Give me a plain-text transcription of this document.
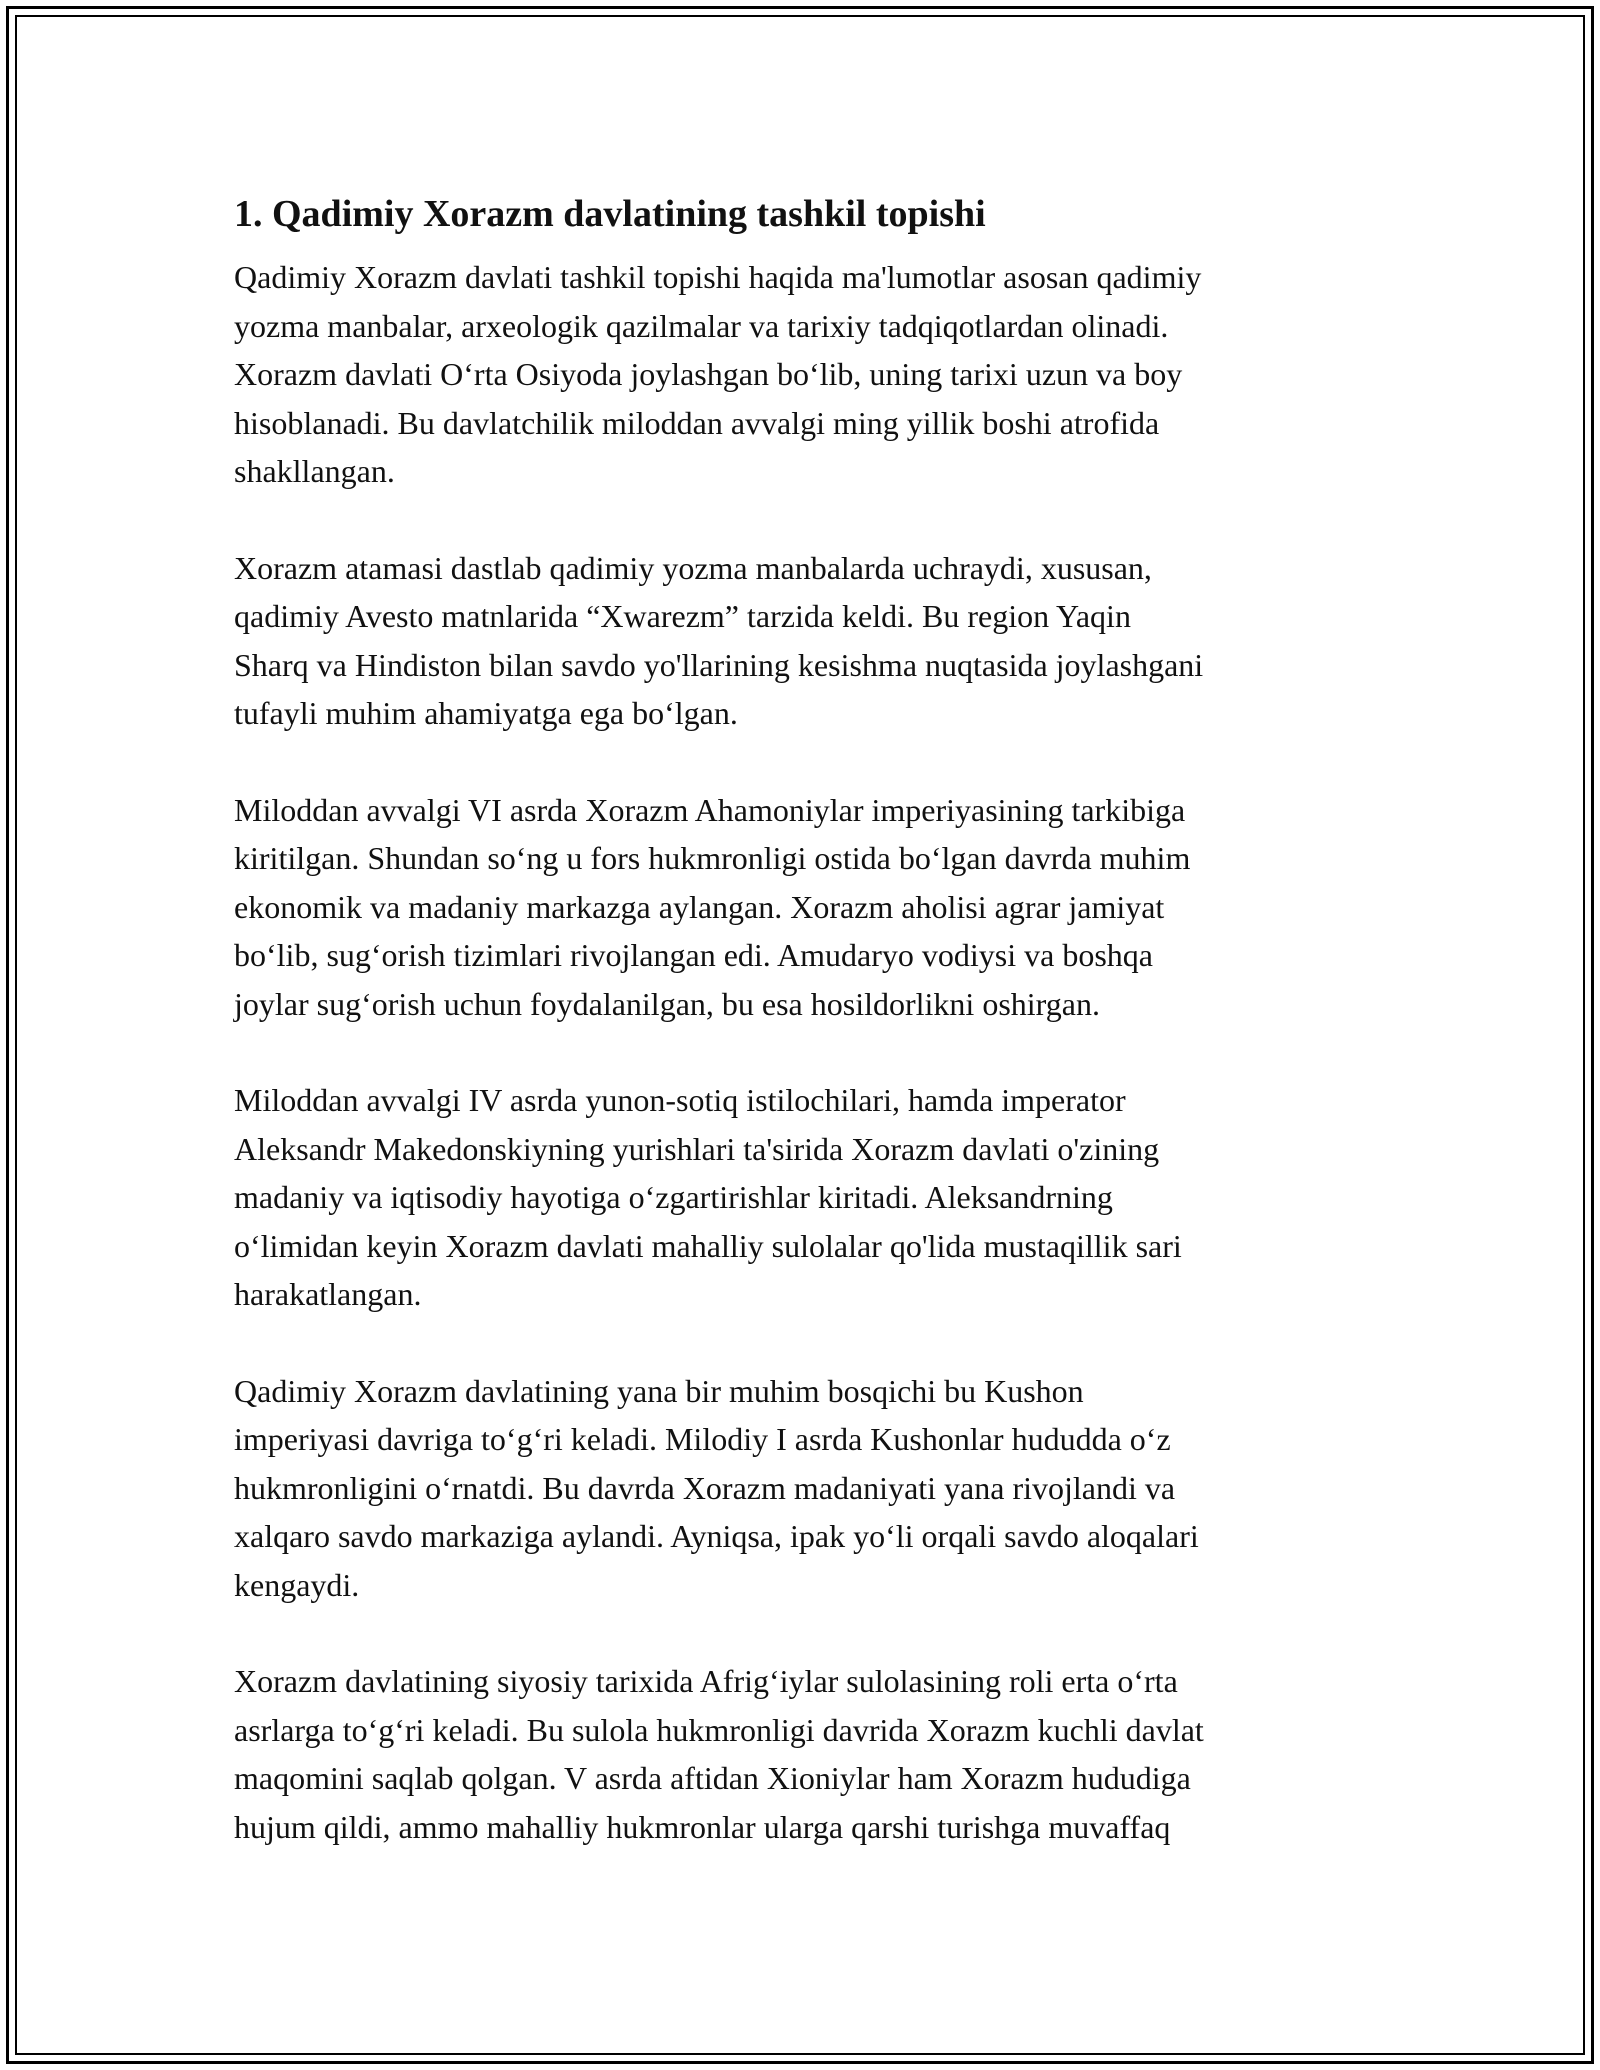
1. Qadimiy Xorazm davlatining tashkil topishi

Qadimiy Xorazm davlati tashkil topishi haqida ma'lumotlar asosan qadimiy
yozma manbalar, arxeologik qazilmalar va tarixiy tadqiqotlardan olinadi.
Xorazm davlati O‘rta Osiyoda joylashgan bo‘lib, uning tarixi uzun va boy
hisoblanadi. Bu davlatchilik miloddan avvalgi ming yillik boshi atrofida
shakllangan.

Xorazm atamasi dastlab qadimiy yozma manbalarda uchraydi, xususan,
qadimiy Avesto matnlarida “Xwarezm” tarzida keldi. Bu region Yaqin
Sharq va Hindiston bilan savdo yo'llarining kesishma nuqtasida joylashgani
tufayli muhim ahamiyatga ega bo‘lgan.

Miloddan avvalgi VI asrda Xorazm Ahamoniylar imperiyasining tarkibiga
kiritilgan. Shundan so‘ng u fors hukmronligi ostida bo‘lgan davrda muhim
ekonomik va madaniy markazga aylangan. Xorazm aholisi agrar jamiyat
bo‘lib, sug‘orish tizimlari rivojlangan edi. Amudaryo vodiysi va boshqa
joylar sug‘orish uchun foydalanilgan, bu esa hosildorlikni oshirgan.

Miloddan avvalgi IV asrda yunon-sotiq istilochilari, hamda imperator
Aleksandr Makedonskiyning yurishlari ta'sirida Xorazm davlati o'zining
madaniy va iqtisodiy hayotiga o‘zgartirishlar kiritadi. Aleksandrning
o‘limidan keyin Xorazm davlati mahalliy sulolalar qo'lida mustaqillik sari
harakatlangan.

Qadimiy Xorazm davlatining yana bir muhim bosqichi bu Kushon
imperiyasi davriga to‘g‘ri keladi. Milodiy I asrda Kushonlar hududda o‘z
hukmronligini o‘rnatdi. Bu davrda Xorazm madaniyati yana rivojlandi va
xalqaro savdo markaziga aylandi. Ayniqsa, ipak yo‘li orqali savdo aloqalari
kengaydi.

Xorazm davlatining siyosiy tarixida Afrig‘iylar sulolasining roli erta o‘rta
asrlarga to‘g‘ri keladi. Bu sulola hukmronligi davrida Xorazm kuchli davlat
maqomini saqlab qolgan. V asrda aftidan Xioniylar ham Xorazm hududiga
hujum qildi, ammo mahalliy hukmronlar ularga qarshi turishga muvaffaq
